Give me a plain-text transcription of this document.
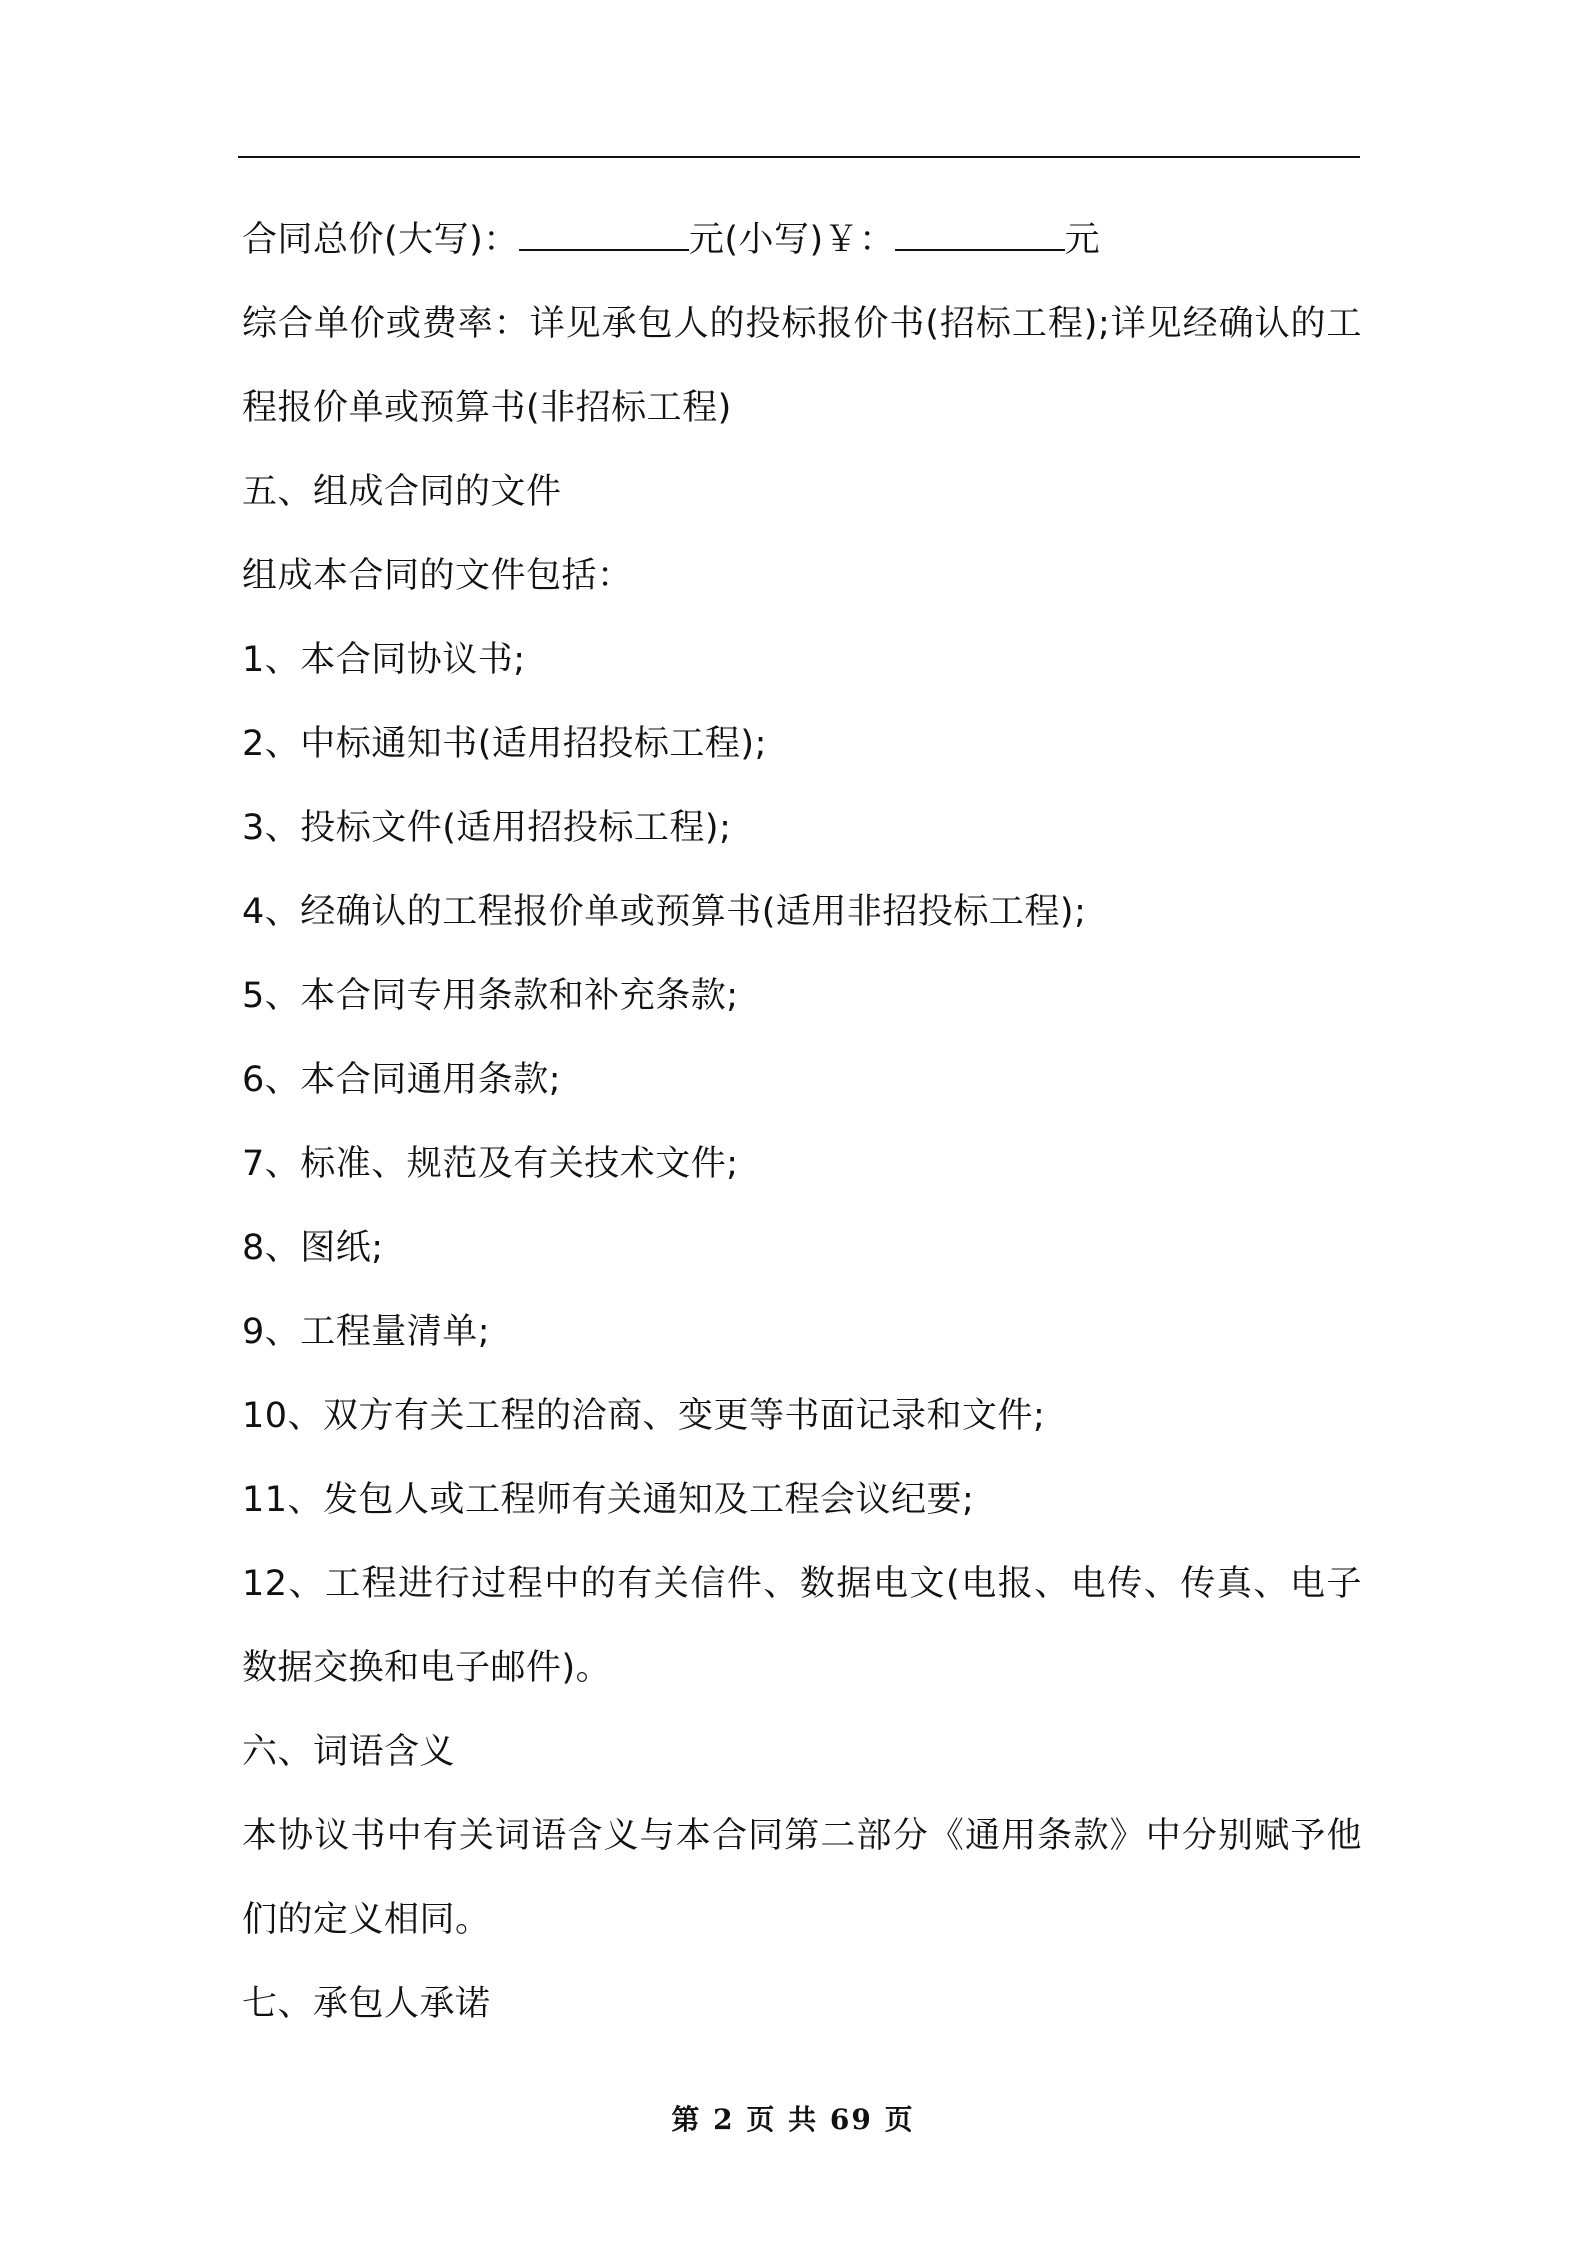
合同总价(大写)：	元(小写)￥：	元

综合单价或费率：详见承包人的投标报价书(招标工程);详见经确认的工程报价单或预算书(非招标工程)

五、组成合同的文件

组成本合同的文件包括：

1、本合同协议书;

2、中标通知书(适用招投标工程);

3、投标文件(适用招投标工程);

4、经确认的工程报价单或预算书(适用非招投标工程);

5、本合同专用条款和补充条款;

6、本合同通用条款;

7、标准、规范及有关技术文件;

8、图纸;

9、工程量清单;

10、双方有关工程的洽商、变更等书面记录和文件;

11、发包人或工程师有关通知及工程会议纪要;

12、工程进行过程中的有关信件、数据电文(电报、电传、传真、电子数据交换和电子邮件)。

六、词语含义

本协议书中有关词语含义与本合同第二部分《通用条款》中分别赋予他们的定义相同。

七、承包人承诺

第 2 页 共 69 页
